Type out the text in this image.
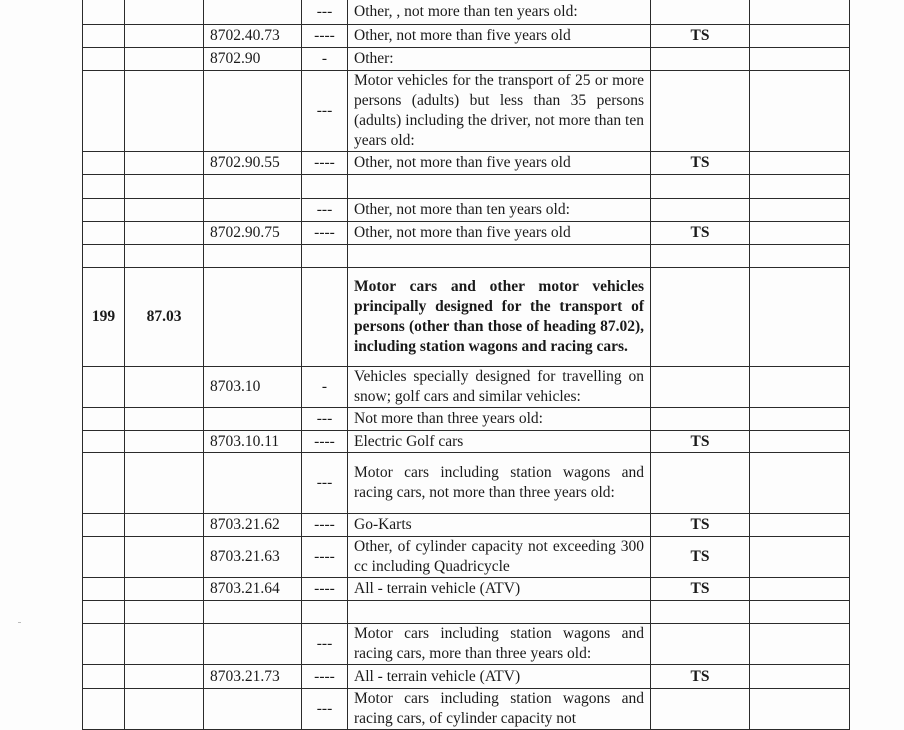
			---	Other, , not more than ten years old:		
		8702.40.73	----	Other, not more than five years old	TS	
		8702.90	-	Other:		
			---	Motor vehicles for the transport of 25 or more persons (adults) but less than 35 persons (adults) including the driver, not more than ten years old:		
		8702.90.55	----	Other, not more than five years old	TS	

			---	Other, not more than ten years old:		
		8702.90.75	----	Other, not more than five years old	TS	

199	87.03			Motor cars and other motor vehicles principally designed for the transport of persons (other than those of heading 87.02), including station wagons and racing cars.		
		8703.10	-	Vehicles specially designed for travelling on snow; golf cars and similar vehicles:		
			---	Not more than three years old:		
		8703.10.11	----	Electric Golf cars	TS	
			---	Motor cars including station wagons and racing cars, not more than three years old:		
		8703.21.62	----	Go-Karts	TS	
		8703.21.63	----	Other, of cylinder capacity not exceeding 300 cc including Quadricycle	TS	
		8703.21.64	----	All - terrain vehicle (ATV)	TS	

			---	Motor cars including station wagons and racing cars, more than three years old:		
		8703.21.73	----	All - terrain vehicle (ATV)	TS	
			---	Motor cars including station wagons and racing cars, of cylinder capacity not		
